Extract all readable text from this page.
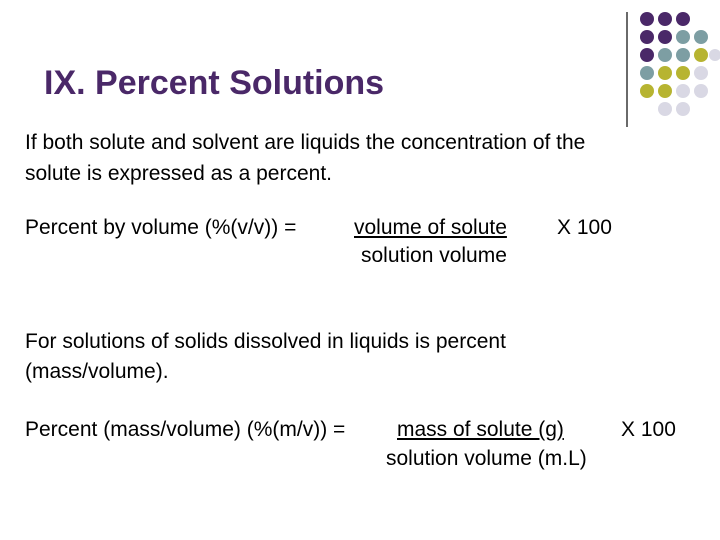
IX. Percent Solutions

If both solute and solvent are liquids the concentration of the

solute is expressed as a percent.

Percent by volume (%(v/v)) =	volume of solute X 100

solution volume

For solutions of solids dissolved in liquids is percent

(mass/volume).

Percent (mass/volume) (%(m/v)) = mass of solute (g)	X 100

solution volume (m.L)
